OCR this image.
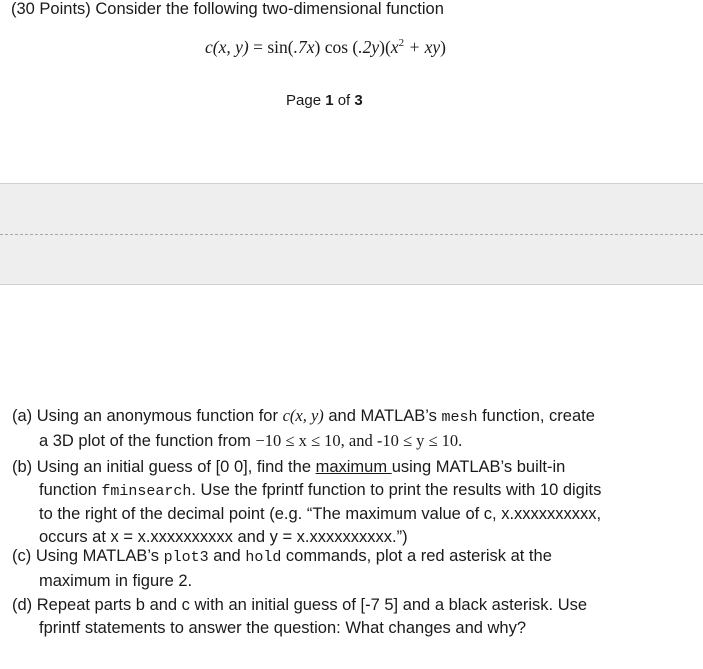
(30 Points) Consider the following two-dimensional function
c(x, y) = sin(.7x) $\cos (.2y)(x^2 + xy)$
Page 1 of 3
(a) Using an anonymous function for c(x, y) and MATLAB’s mesh function, create
a 3D plot of the function from −10 ≤ x ≤ 10, and -10 ≤ y ≤ 10.
(b) Using an initial guess of [0 0], find the maximum using MATLAB’s built-in
function fminsearch. Use the fprintf function to print the results with 10 digits
to the right of the decimal point (e.g. “The maximum value of c, x.xxxxxxxxxx,
occurs at x = x.xxxxxxxxxx and y = x.xxxxxxxxxx.”)
(c) Using MATLAB’s plot3 and hold commands, plot a red asterisk at the
maximum in figure 2.
(d) Repeat parts b and c with an initial guess of [-7 5] and a black asterisk. Use
fprintf statements to answer the question: What changes and why?
